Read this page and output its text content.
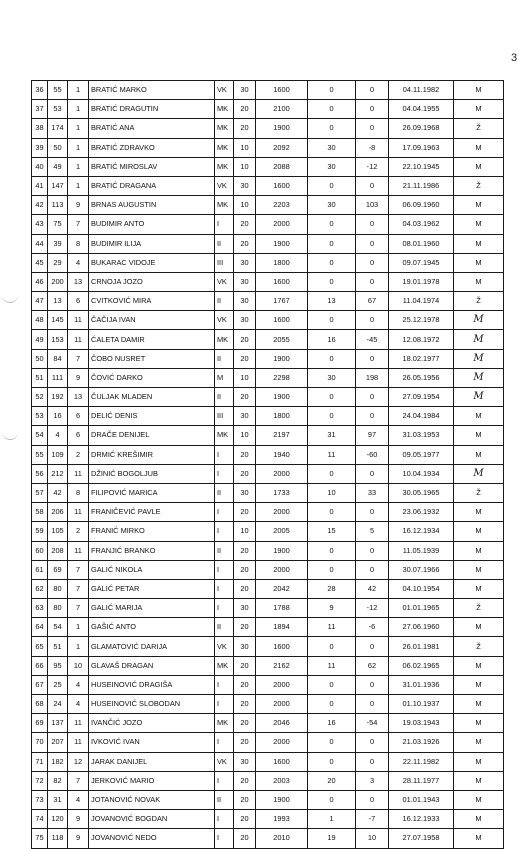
3
36	55	1	BRATIĆ MARKO	VK	30	1600	0	0	04.11.1982	M
37	53	1	BRATIĆ DRAGUTIN	MK	20	2100	0	0	04.04.1955	M
38	174	1	BRATIĆ ANA	MK	20	1900	0	0	26.09.1968	Ž
39	50	1	BRATIĆ ZDRAVKO	MK	10	2092	30	-8	17.09.1963	M
40	49	1	BRATIĆ MIROSLAV	MK	10	2088	30	-12	22.10.1945	M
41	147	1	BRATIĆ DRAGANA	VK	30	1600	0	0	21.11.1986	Ž
42	113	9	BRNAS AUGUSTIN	MK	10	2203	30	103	06.09.1960	M
43	75	7	BUDIMIR ANTO	I	20	2000	0	0	04.03.1962	M
44	39	8	BUDIMIR ILIJA	II	20	1900	0	0	08.01.1960	M
45	29	4	BUKARAC VIDOJE	III	30	1800	0	0	09.07.1945	M
46	200	13	CRNOJA JOZO	VK	30	1600	0	0	19.01.1978	M
47	13	6	CVITKOVIĆ MIRA	II	30	1767	13	67	11.04.1974	Ž
48	145	11	ČAČIJA IVAN	VK	30	1600	0	0	25.12.1978	M
49	153	11	ĆALETA DAMIR	MK	20	2055	16	-45	12.08.1972	M
50	84	7	ČOBO NUSRET	II	20	1900	0	0	18.02.1977	M
51	111	9	ČOVIĆ DARKO	M	10	2298	30	198	26.05.1956	M
52	192	13	ČULJAK MLADEN	II	20	1900	0	0	27.09.1954	M
53	16	6	DELIĆ DENIS	III	30	1800	0	0	24.04.1984	M
54	4	6	DRAČE DENIJEL	MK	10	2197	31	97	31.03.1953	M
55	109	2	DRMIĆ KREŠIMIR	I	20	1940	11	-60	09.05.1977	M
56	212	11	DŽINIĆ BOGOLJUB	I	20	2000	0	0	10.04.1934	M
57	42	8	FILIPOVIĆ MARICA	II	30	1733	10	33	30.05.1965	Ž
58	206	11	FRANIČEVIĆ PAVLE	I	20	2000	0	0	23.06.1932	M
59	105	2	FRANIĆ MIRKO	I	10	2005	15	5	16.12.1934	M
60	208	11	FRANJIĆ BRANKO	II	20	1900	0	0	11.05.1939	M
61	69	7	GALIĆ NIKOLA	I	20	2000	0	0	30.07.1966	M
62	80	7	GALIĆ PETAR	I	20	2042	28	42	04.10.1954	M
63	80	7	GALIĆ MARIJA	I	30	1788	9	-12	01.01.1965	Ž
64	54	1	GAŠIĆ ANTO	II	20	1894	11	-6	27.06.1960	M
65	51	1	GLAMATOVIĆ DARIJA	VK	30	1600	0	0	26.01.1981	Ž
66	95	10	GLAVAŠ DRAGAN	MK	20	2162	11	62	06.02.1965	M
67	25	4	HUSEINOVIĆ DRAGIŠA	I	20	2000	0	0	31.01.1936	M
68	24	4	HUSEINOVIĆ SLOBODAN	I	20	2000	0	0	01.10.1937	M
69	137	11	IVANČIĆ JOZO	MK	20	2046	16	-54	19.03.1943	M
70	207	11	IVKOVIĆ IVAN	I	20	2000	0	0	21.03.1926	M
71	182	12	JARAK DANIJEL	VK	30	1600	0	0	22.11.1982	M
72	82	7	JERKOVIĆ MARIO	I	20	2003	20	3	28.11.1977	M
73	31	4	JOTANOVIĆ NOVAK	II	20	1900	0	0	01.01.1943	M
74	120	9	JOVANOVIĆ BOGDAN	I	20	1993	1	-7	16.12.1933	M
75	118	9	JOVANOVIĆ NEDO	I	20	2010	19	10	27.07.1958	M
